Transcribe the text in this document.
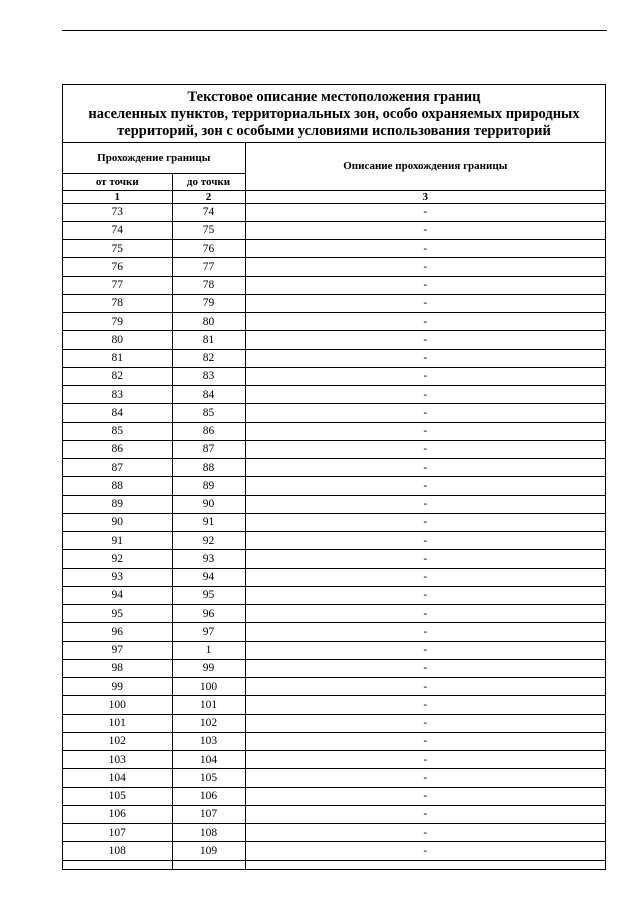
Текстовое описание местоположения границ
населенных пунктов, территориальных зон, особо охраняемых природных
территорий, зон с особыми условиями использования территорий
Прохождение границы		Описание прохождения границы
от точки	до точки	
1	2	3
73	74	-
74	75	-
75	76	-
76	77	-
77	78	-
78	79	-
79	80	-
80	81	-
81	82	-
82	83	-
83	84	-
84	85	-
85	86	-
86	87	-
87	88	-
88	89	-
89	90	-
90	91	-
91	92	-
92	93	-
93	94	-
94	95	-
95	96	-
96	97	-
97	1	-
98	99	-
99	100	-
100	101	-
101	102	-
102	103	-
103	104	-
104	105	-
105	106	-
106	107	-
107	108	-
108	109	-
